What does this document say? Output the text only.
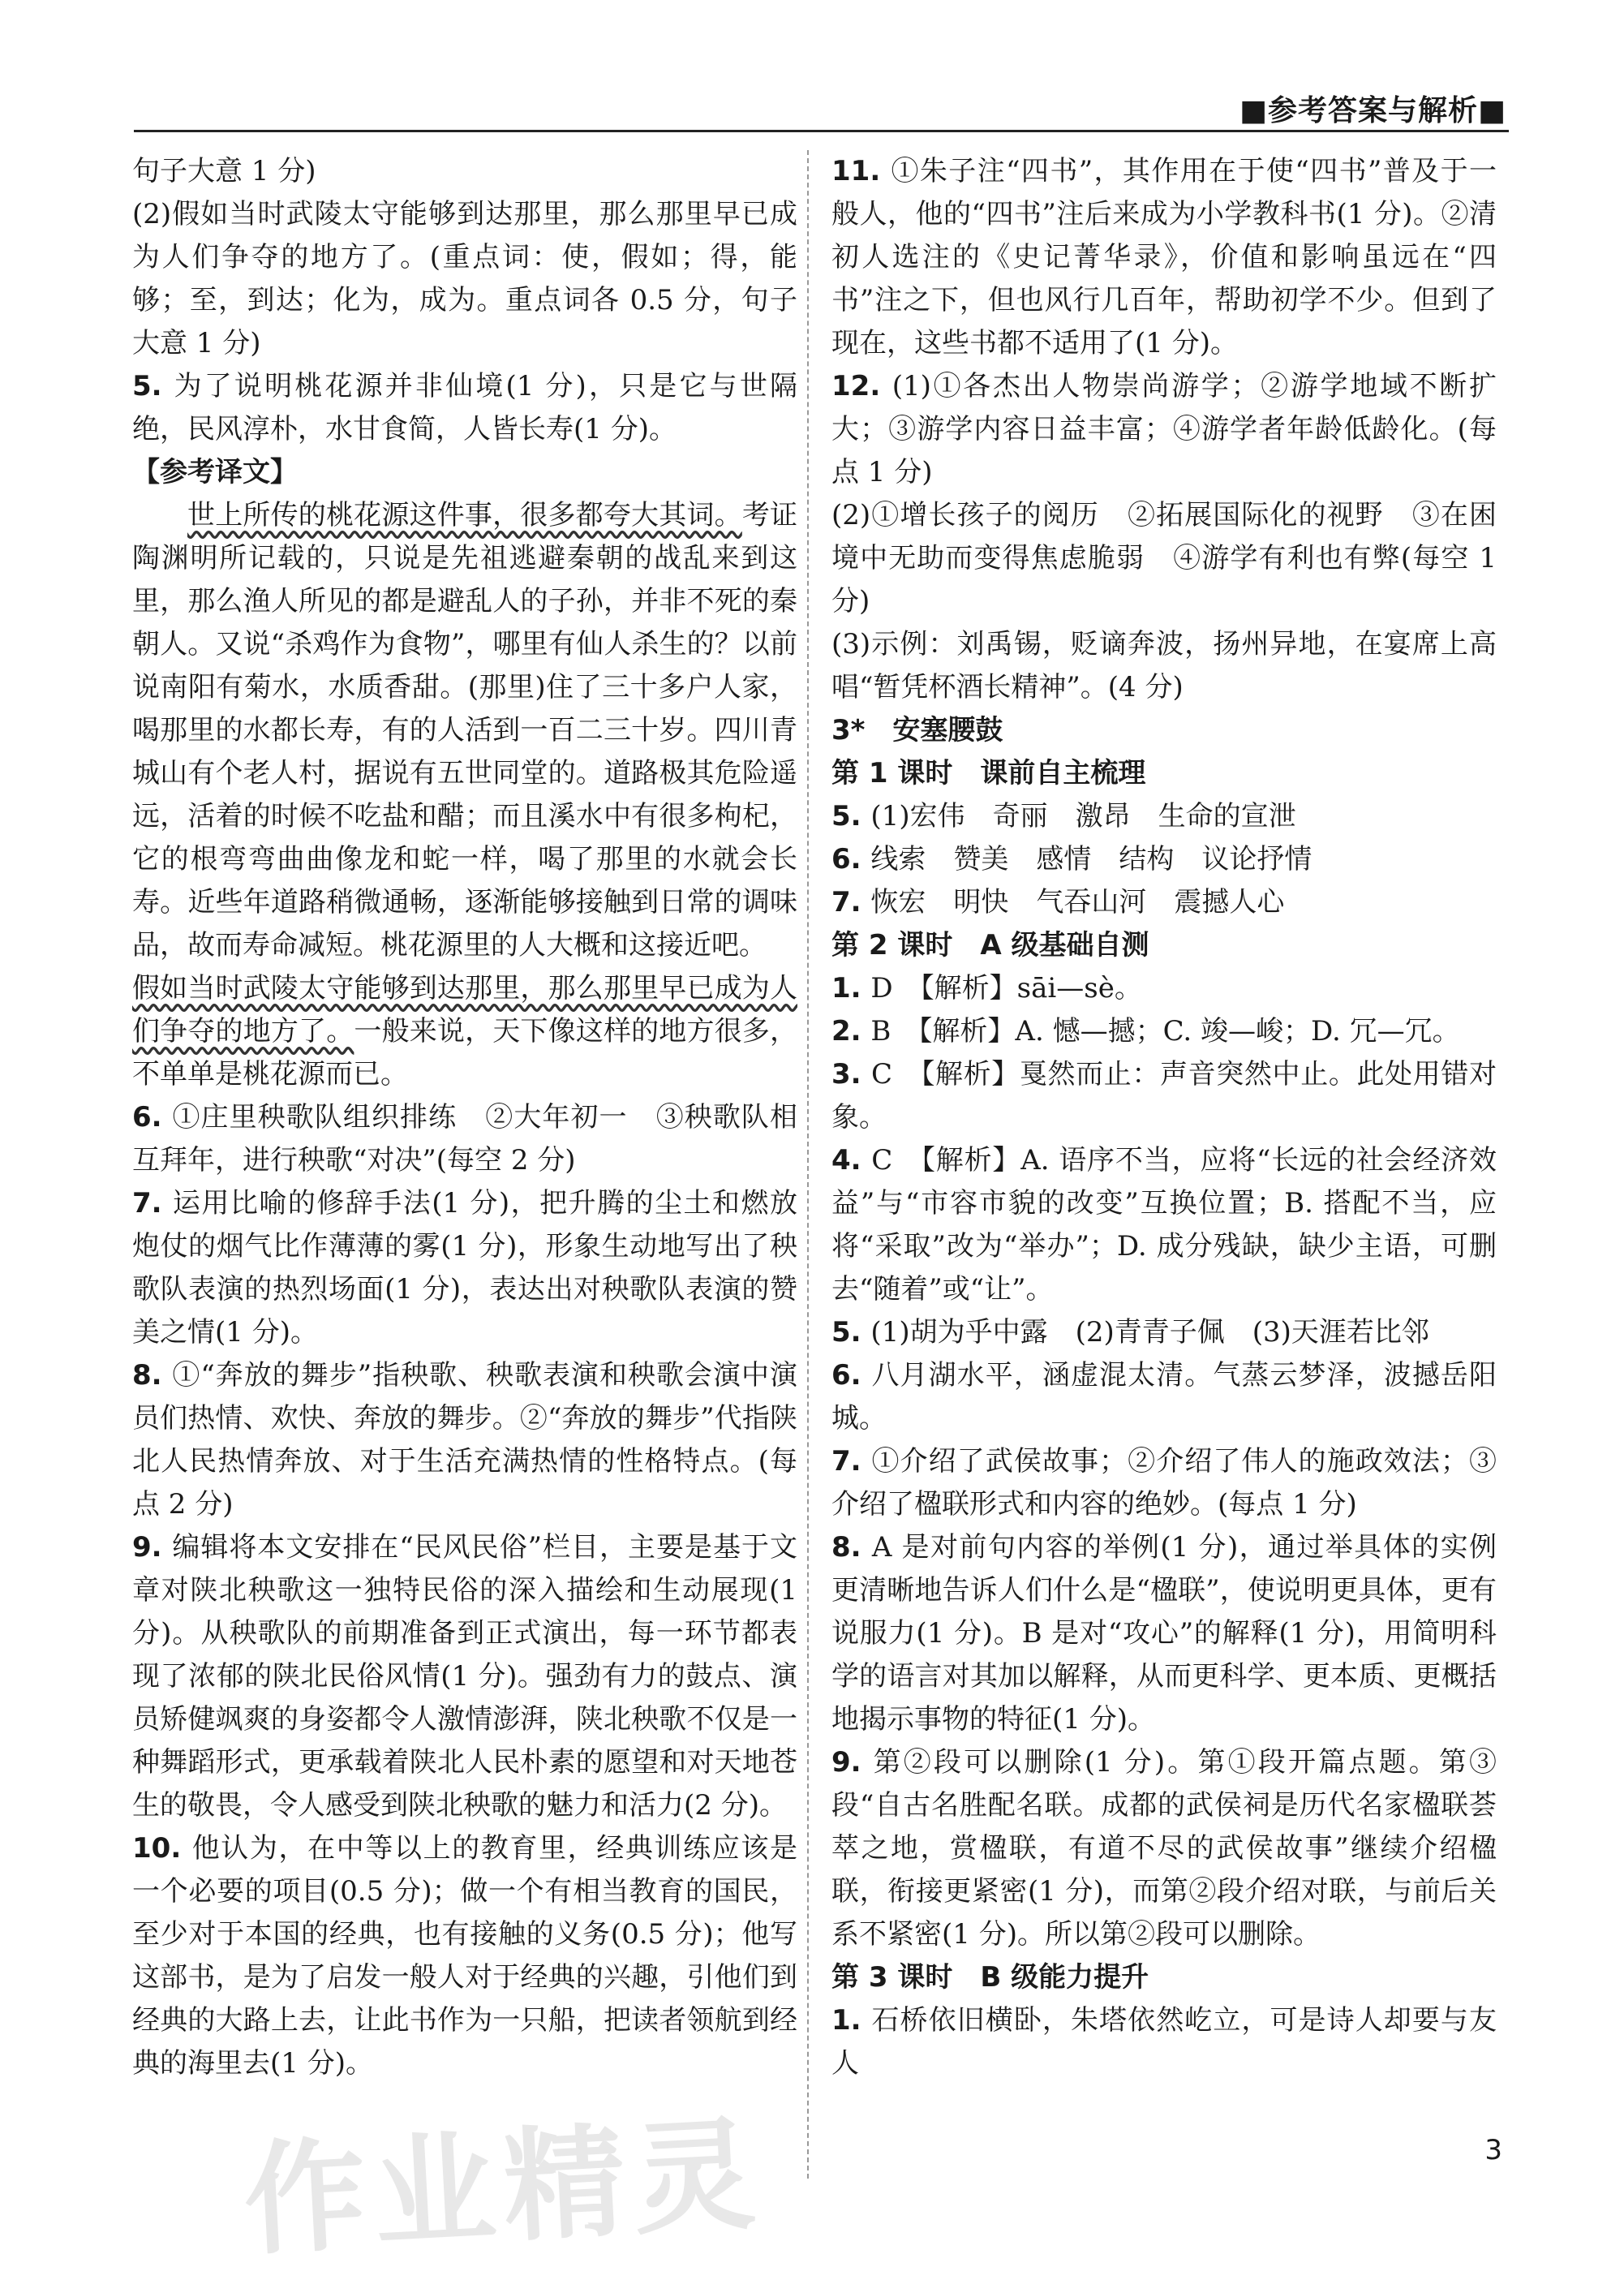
■参考答案与解析■

句子大意 1 分)

(2)假如当时武陵太守能够到达那里，那么那里早已成为人们争夺的地方了。(重点词：使，假如；得，能够；至，到达；化为，成为。重点词各 0.5 分，句子大意 1 分)

5. 为了说明桃花源并非仙境(1 分)，只是它与世隔绝，民风淳朴，水甘食简，人皆长寿(1 分)。

【参考译文】

世上所传的桃花源这件事，很多都夸大其词。考证陶渊明所记载的，只说是先祖逃避秦朝的战乱来到这里，那么渔人所见的都是避乱人的子孙，并非不死的秦朝人。又说“杀鸡作为食物”，哪里有仙人杀生的？以前说南阳有菊水，水质香甜。(那里)住了三十多户人家，喝那里的水都长寿，有的人活到一百二三十岁。四川青城山有个老人村，据说有五世同堂的。道路极其危险遥远，活着的时候不吃盐和醋；而且溪水中有很多枸杞，它的根弯弯曲曲像龙和蛇一样，喝了那里的水就会长寿。近些年道路稍微通畅，逐渐能够接触到日常的调味品，故而寿命减短。桃花源里的人大概和这接近吧。

假如当时武陵太守能够到达那里，那么那里早已成为人们争夺的地方了。一般来说，天下像这样的地方很多，不单单是桃花源而已。

6. ①庄里秧歌队组织排练　②大年初一　③秧歌队相互拜年，进行秧歌“对决”(每空 2 分)

7. 运用比喻的修辞手法(1 分)，把升腾的尘土和燃放炮仗的烟气比作薄薄的雾(1 分)，形象生动地写出了秧歌队表演的热烈场面(1 分)，表达出对秧歌队表演的赞美之情(1 分)。

8. ①“奔放的舞步”指秧歌、秧歌表演和秧歌会演中演员们热情、欢快、奔放的舞步。②“奔放的舞步”代指陕北人民热情奔放、对于生活充满热情的性格特点。(每点 2 分)

9. 编辑将本文安排在“民风民俗”栏目，主要是基于文章对陕北秧歌这一独特民俗的深入描绘和生动展现(1 分)。从秧歌队的前期准备到正式演出，每一环节都表现了浓郁的陕北民俗风情(1 分)。强劲有力的鼓点、演员矫健飒爽的身姿都令人激情澎湃，陕北秧歌不仅是一种舞蹈形式，更承载着陕北人民朴素的愿望和对天地苍生的敬畏，令人感受到陕北秧歌的魅力和活力(2 分)。

10. 他认为，在中等以上的教育里，经典训练应该是一个必要的项目(0.5 分)；做一个有相当教育的国民，至少对于本国的经典，也有接触的义务(0.5 分)；他写这部书，是为了启发一般人对于经典的兴趣，引他们到经典的大路上去，让此书作为一只船，把读者领航到经典的海里去(1 分)。

11. ①朱子注“四书”，其作用在于使“四书”普及于一般人，他的“四书”注后来成为小学教科书(1 分)。②清初人选注的《史记菁华录》，价值和影响虽远在“四书”注之下，但也风行几百年，帮助初学不少。但到了现在，这些书都不适用了(1 分)。

12. (1)①各杰出人物崇尚游学；②游学地域不断扩大；③游学内容日益丰富；④游学者年龄低龄化。(每点 1 分)

(2)①增长孩子的阅历　②拓展国际化的视野　③在困境中无助而变得焦虑脆弱　④游学有利也有弊(每空 1 分)

(3)示例：刘禹锡，贬谪奔波，扬州异地，在宴席上高唱“暂凭杯酒长精神”。(4 分)

3*　安塞腰鼓

第 1 课时　课前自主梳理

5. (1)宏伟　奇丽　激昂　生命的宣泄

6. 线索　赞美　感情　结构　议论抒情

7. 恢宏　明快　气吞山河　震撼人心

第 2 课时　A 级基础自测

1. D　【解析】sāi—sè。

2. B　【解析】A. 憾—撼；C. 竣—峻；D. 冗—冗。

3. C　【解析】戛然而止：声音突然中止。此处用错对象。

4. C　【解析】A. 语序不当，应将“长远的社会经济效益”与“市容市貌的改变”互换位置；B. 搭配不当，应将“采取”改为“举办”；D. 成分残缺，缺少主语，可删去“随着”或“让”。

5. (1)胡为乎中露　(2)青青子佩　(3)天涯若比邻

6. 八月湖水平，涵虚混太清。气蒸云梦泽，波撼岳阳城。

7. ①介绍了武侯故事；②介绍了伟人的施政效法；③介绍了楹联形式和内容的绝妙。(每点 1 分)

8. A 是对前句内容的举例(1 分)，通过举具体的实例更清晰地告诉人们什么是“楹联”，使说明更具体，更有说服力(1 分)。B 是对“攻心”的解释(1 分)，用简明科学的语言对其加以解释，从而更科学、更本质、更概括地揭示事物的特征(1 分)。

9. 第②段可以删除(1 分)。第①段开篇点题。第③段“自古名胜配名联。成都的武侯祠是历代名家楹联荟萃之地，赏楹联，有道不尽的武侯故事”继续介绍楹联，衔接更紧密(1 分)，而第②段介绍对联，与前后关系不紧密(1 分)。所以第②段可以删除。

第 3 课时　B 级能力提升

1. 石桥依旧横卧，朱塔依然屹立，可是诗人却要与友人

作业精灵	3
